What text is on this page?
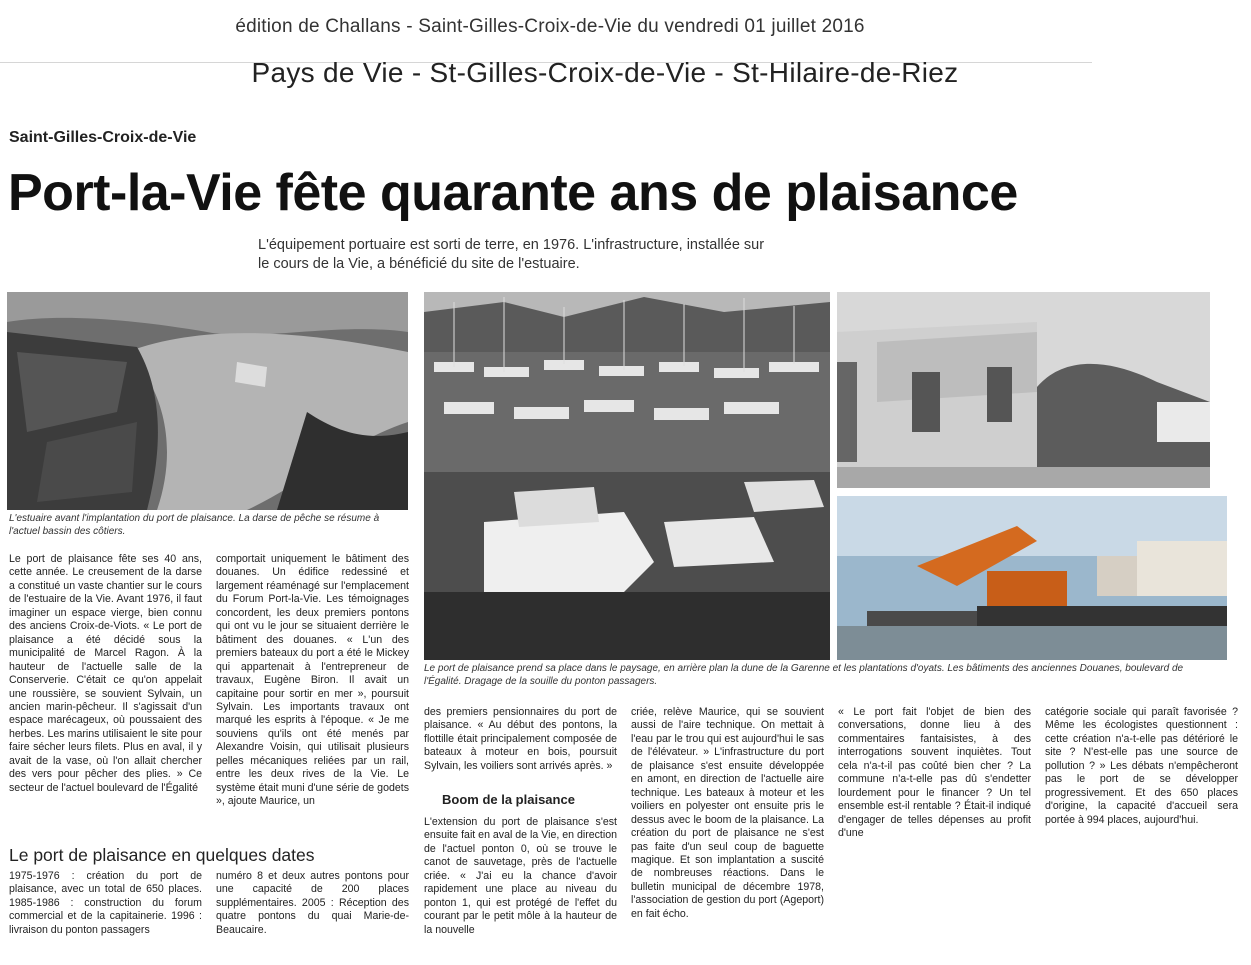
édition de Challans - Saint-Gilles-Croix-de-Vie du vendredi 01 juillet 2016
Pays de Vie - St-Gilles-Croix-de-Vie - St-Hilaire-de-Riez
Saint-Gilles-Croix-de-Vie
Port-la-Vie fête quarante ans de plaisance
L'équipement portuaire est sorti de terre, en 1976. L'infrastructure, installée sur le cours de la Vie, a bénéficié du site de l'estuaire.
L'estuaire avant l'implantation du port de plaisance. La darse de pêche se résume à l'actuel bassin des côtiers.
Le port de plaisance prend sa place dans le paysage, en arrière plan la dune de la Garenne et les plantations d'oyats. Les bâtiments des anciennes Douanes, boulevard de l'Égalité. Dragage de la souille du ponton passagers.
Le port de plaisance fête ses 40 ans, cette année. Le creusement de la darse a constitué un vaste chantier sur le cours de l'estuaire de la Vie. Avant 1976, il faut imaginer un espace vierge, bien connu des anciens Croix-de-Viots. « Le port de plaisance a été décidé sous la municipalité de Marcel Ragon. À la hauteur de l'actuelle salle de la Conserverie. C'était ce qu'on appelait une roussière, se souvient Sylvain, un ancien marin-pêcheur. Il s'agissait d'un espace marécageux, où poussaient des herbes. Les marins utilisaient le site pour faire sécher leurs filets. Plus en aval, il y avait de la vase, où l'on allait chercher des vers pour pêcher des plies. » Ce secteur de l'actuel boulevard de l'Égalité
comportait uniquement le bâtiment des douanes. Un édifice redessiné et largement réaménagé sur l'emplacement du Forum Port-la-Vie. Les témoignages concordent, les deux premiers pontons qui ont vu le jour se situaient derrière le bâtiment des douanes. « L'un des premiers bateaux du port a été le Mickey qui appartenait à l'entrepreneur de travaux, Eugène Biron. Il avait un capitaine pour sortir en mer », poursuit Sylvain. Les importants travaux ont marqué les esprits à l'époque. « Je me souviens qu'ils ont été menés par Alexandre Voisin, qui utilisait plusieurs pelles mécaniques reliées par un rail, entre les deux rives de la Vie. Le système était muni d'une série de godets », ajoute Maurice, un
des premiers pensionnaires du port de plaisance. « Au début des pontons, la flottille était principalement composée de bateaux à moteur en bois, poursuit Sylvain, les voiliers sont arrivés après. »
Boom de la plaisance
L'extension du port de plaisance s'est ensuite fait en aval de la Vie, en direction de l'actuel ponton 0, où se trouve le canot de sauvetage, près de l'actuelle criée. « J'ai eu la chance d'avoir rapidement une place au niveau du ponton 1, qui est protégé de l'effet du courant par le petit môle à la hauteur de la nouvelle
criée, relève Maurice, qui se souvient aussi de l'aire technique. On mettait à l'eau par le trou qui est aujourd'hui le sas de l'élévateur. » L'infrastructure du port de plaisance s'est ensuite développée en amont, en direction de l'actuelle aire technique. Les bateaux à moteur et les voiliers en polyester ont ensuite pris le dessus avec le boom de la plaisance. La création du port de plaisance ne s'est pas faite d'un seul coup de baguette magique. Et son implantation a suscité de nombreuses réactions. Dans le bulletin municipal de décembre 1978, l'association de gestion du port (Ageport) en fait écho.
« Le port fait l'objet de bien des conversations, donne lieu à des commentaires fantaisistes, à des interrogations souvent inquiètes. Tout cela n'a-t-il pas coûté bien cher ? La commune n'a-t-elle pas dû s'endetter lourdement pour le financer ? Un tel ensemble est-il rentable ? Était-il indiqué d'engager de telles dépenses au profit d'une
catégorie sociale qui paraît favorisée ? Même les écologistes questionnent : cette création n'a-t-elle pas détérioré le site ? N'est-elle pas une source de pollution ? » Les débats n'empêcheront pas le port de se développer progressivement. Et des 650 places d'origine, la capacité d'accueil sera portée à 994 places, aujourd'hui.
Le port de plaisance en quelques dates
1975-1976 : création du port de plaisance, avec un total de 650 places. 1985-1986 : construction du forum commercial et de la capitainerie. 1996 : livraison du ponton passagers
numéro 8 et deux autres pontons pour une capacité de 200 places supplémentaires. 2005 : Réception des quatre pontons du quai Marie-de-Beaucaire.
